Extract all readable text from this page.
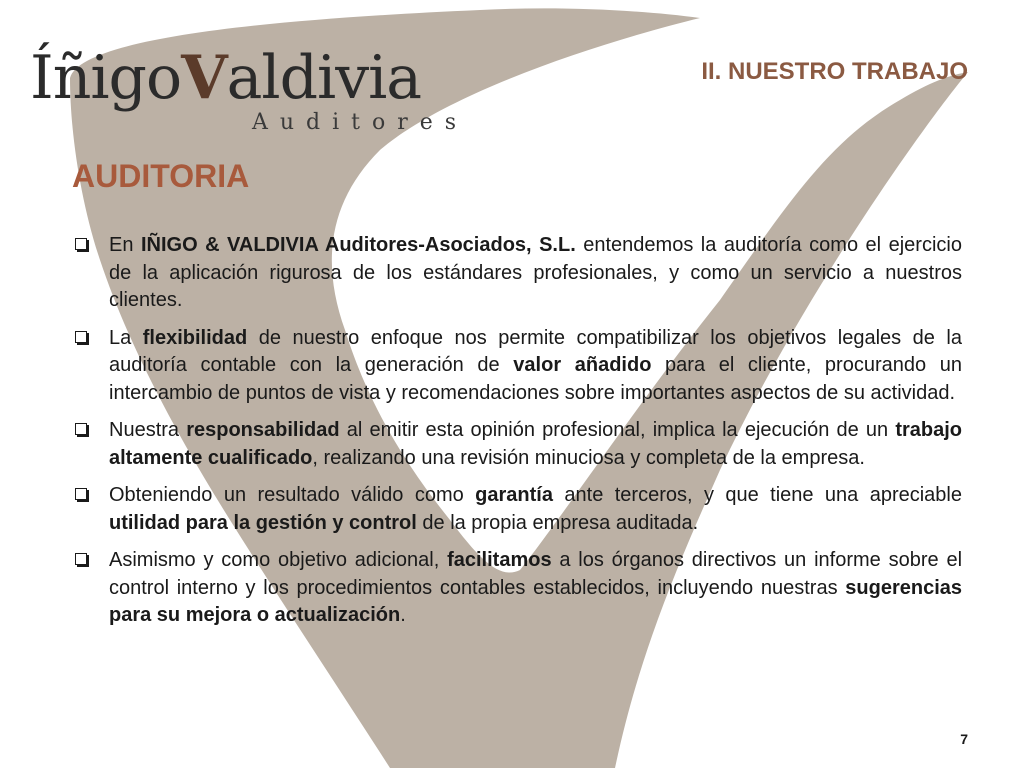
ÍñigoValdivia
Auditores
II. NUESTRO TRABAJO
AUDITORIA
En IÑIGO & VALDIVIA Auditores-Asociados, S.L. entendemos la auditoría como el ejercicio de la aplicación rigurosa de los estándares profesionales, y como un servicio a nuestros clientes.
La flexibilidad de nuestro enfoque nos permite compatibilizar los objetivos legales de la auditoría contable con la generación de valor añadido para el cliente, procurando un intercambio de puntos de vista y recomendaciones sobre importantes aspectos de su actividad.
Nuestra responsabilidad al emitir esta opinión profesional, implica la ejecución de un trabajo altamente cualificado, realizando una revisión minuciosa y completa de la empresa.
Obteniendo un resultado válido como garantía ante terceros, y que tiene una apreciable utilidad para la gestión y control de la propia empresa auditada.
Asimismo y como objetivo adicional, facilitamos a los órganos directivos un informe sobre el control interno y los procedimientos contables establecidos, incluyendo nuestras sugerencias para su mejora o actualización.
7
